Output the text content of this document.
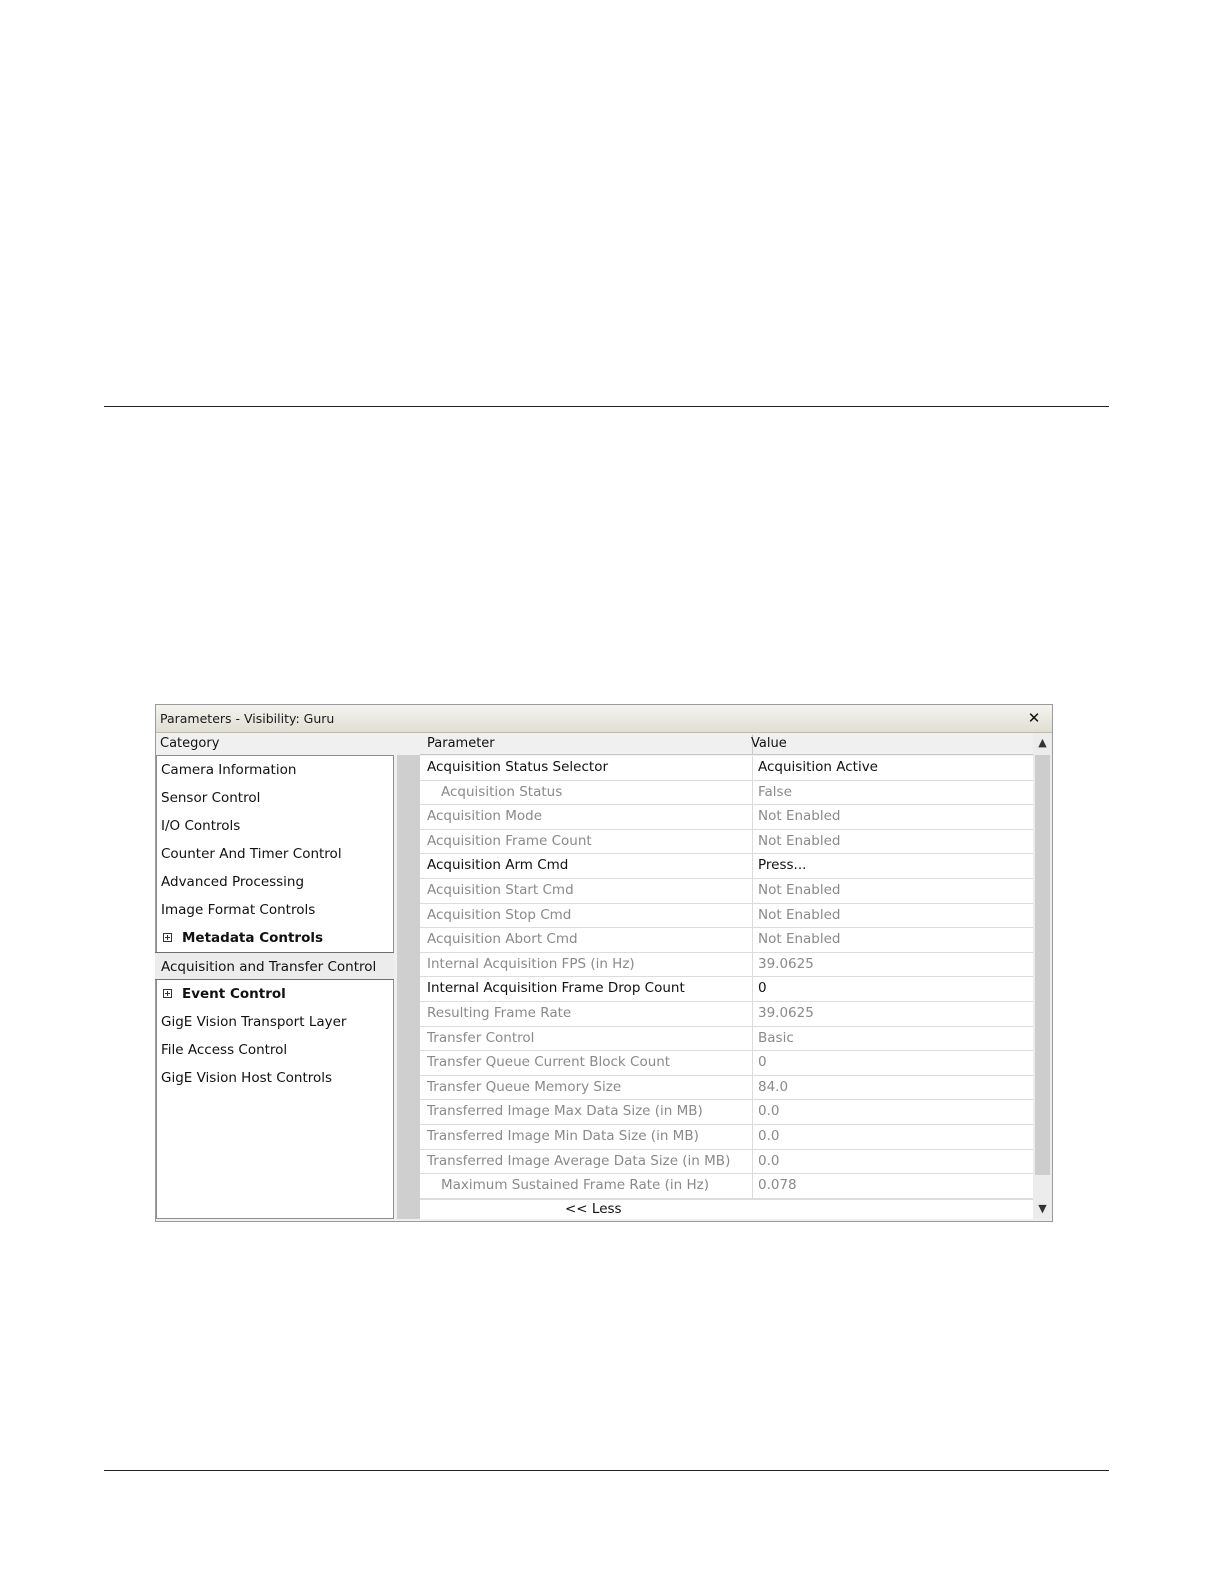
Parameters - Visibility: Guru	✕
Category
Camera Information
Sensor Control
I/O Controls
Counter And Timer Control
Advanced Processing
Image Format Controls
Metadata Controls
Acquisition and Transfer Control
Event Control
GigE Vision Transport Layer
File Access Control
GigE Vision Host Controls
Parameter	Value
Acquisition Status Selector	Acquisition Active
Acquisition Status	False
Acquisition Mode	Not Enabled
Acquisition Frame Count	Not Enabled
Acquisition Arm Cmd	Press...
Acquisition Start Cmd	Not Enabled
Acquisition Stop Cmd	Not Enabled
Acquisition Abort Cmd	Not Enabled
Internal Acquisition FPS (in Hz)	39.0625
Internal Acquisition Frame Drop Count	0
Resulting Frame Rate	39.0625
Transfer Control	Basic
Transfer Queue Current Block Count	0
Transfer Queue Memory Size	84.0
Transferred Image Max Data Size (in MB)	0.0
Transferred Image Min Data Size (in MB)	0.0
Transferred Image Average Data Size (in MB) 0.0
Maximum Sustained Frame Rate (in Hz)	0.078
<< Less
▲
▼
